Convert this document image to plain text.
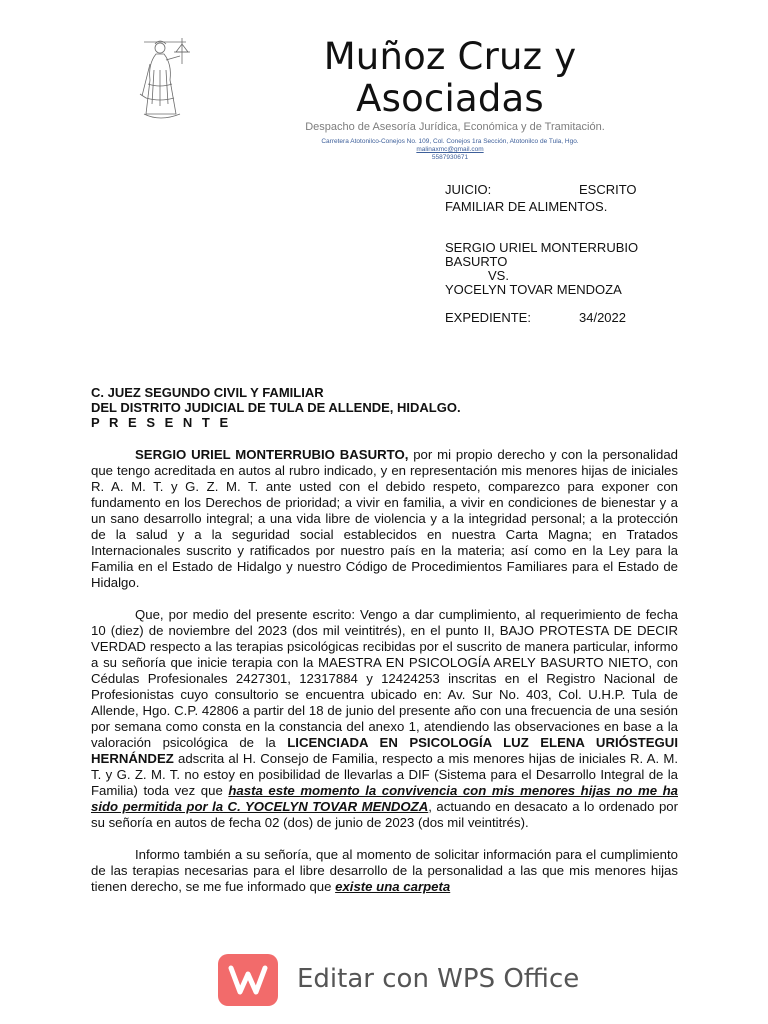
Muñoz Cruz y
Asociadas
Despacho de Asesoría Jurídica, Económica y de Tramitación.
Carretera Atotonilco-Conejos No. 109, Col. Conejos 1ra Sección, Atotonilco de Tula, Hgo.
malinaxmc@gmail.com
5587930671
JUICIO:	ESCRITO
FAMILIAR DE ALIMENTOS.
SERGIO URIEL MONTERRUBIO BASURTO
VS.
YOCELYN TOVAR MENDOZA
EXPEDIENTE:	34/2022
C. JUEZ SEGUNDO CIVIL Y FAMILIAR
DEL DISTRITO JUDICIAL DE TULA DE ALLENDE, HIDALGO.
P R E S E N T E

SERGIO URIEL MONTERRUBIO BASURTO, por mi propio derecho y con la personalidad que tengo acreditada en autos al rubro indicado, y en representación mis menores hijas de iniciales R. A. M. T. y G. Z. M. T. ante usted con el debido respeto, comparezco para exponer con fundamento en los Derechos de prioridad; a vivir en familia, a vivir en condiciones de bienestar y a un sano desarrollo integral; a una vida libre de violencia y a la integridad personal; a la protección de la salud y a la seguridad social establecidos en nuestra Carta Magna; en Tratados Internacionales suscrito y ratificados por nuestro país en la materia; así como en la Ley para la Familia en el Estado de Hidalgo y nuestro Código de Procedimientos Familiares para el Estado de Hidalgo.

Que, por medio del presente escrito: Vengo a dar cumplimiento, al requerimiento de fecha 10 (diez) de noviembre del 2023 (dos mil veintitrés), en el punto II, BAJO PROTESTA DE DECIR VERDAD respecto a las terapias psicológicas recibidas por el suscrito de manera particular, informo a su señoría que inicie terapia con la MAESTRA EN PSICOLOGÍA ARELY BASURTO NIETO, con Cédulas Profesionales 2427301, 12317884 y 12424253 inscritas en el Registro Nacional de Profesionistas cuyo consultorio se encuentra ubicado en: Av. Sur No. 403, Col. U.H.P. Tula de Allende, Hgo. C.P. 42806 a partir del 18 de junio del presente año con una frecuencia de una sesión por semana como consta en la constancia del anexo 1, atendiendo las observaciones en base a la valoración psicológica de la LICENCIADA EN PSICOLOGÍA LUZ ELENA URIÓSTEGUI HERNÁNDEZ adscrita al H. Consejo de Familia, respecto a mis menores hijas de iniciales R. A. M. T. y G. Z. M. T. no estoy en posibilidad de llevarlas a DIF (Sistema para el Desarrollo Integral de la Familia) toda vez que hasta este momento la convivencia con mis menores hijas no me ha sido permitida por la C. YOCELYN TOVAR MENDOZA, actuando en desacato a lo ordenado por su señoría en autos de fecha 02 (dos) de junio de 2023 (dos mil veintitrés).

Informo también a su señoría, que al momento de solicitar información para el cumplimiento de las terapias necesarias para el libre desarrollo de la personalidad a las que mis menores hijas tienen derecho, se me fue informado que existe una carpeta

Editar con WPS Office
